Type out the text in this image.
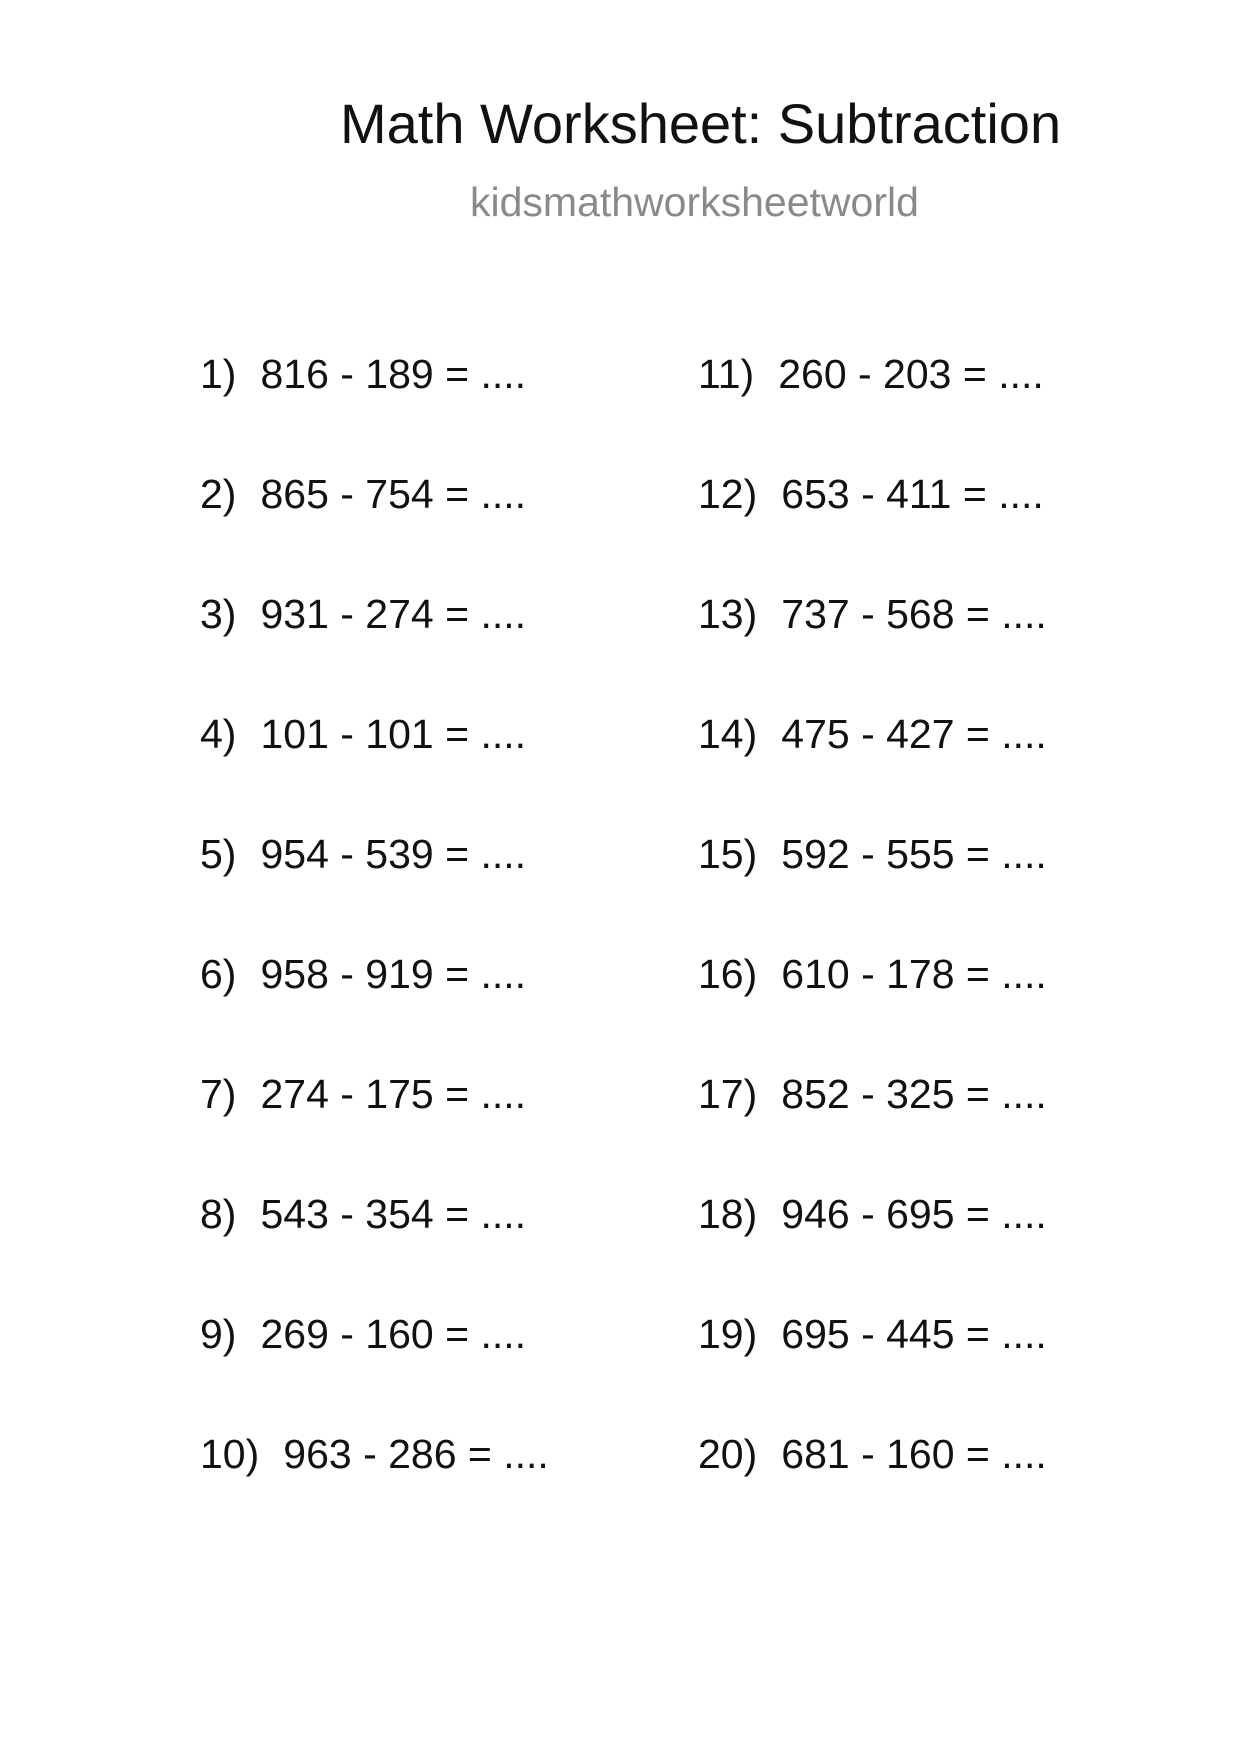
Math Worksheet: Subtraction
kidsmathworksheetworld
1) 816 - 189 = ....
2) 865 - 754 = ....
3) 931 - 274 = ....
4) 101 - 101 = ....
5) 954 - 539 = ....
6) 958 - 919 = ....
7) 274 - 175 = ....
8) 543 - 354 = ....
9) 269 - 160 = ....
10) 963 - 286 = ....
11) 260 - 203 = ....
12) 653 - 411 = ....
13) 737 - 568 = ....
14) 475 - 427 = ....
15) 592 - 555 = ....
16) 610 - 178 = ....
17) 852 - 325 = ....
18) 946 - 695 = ....
19) 695 - 445 = ....
20) 681 - 160 = ....
